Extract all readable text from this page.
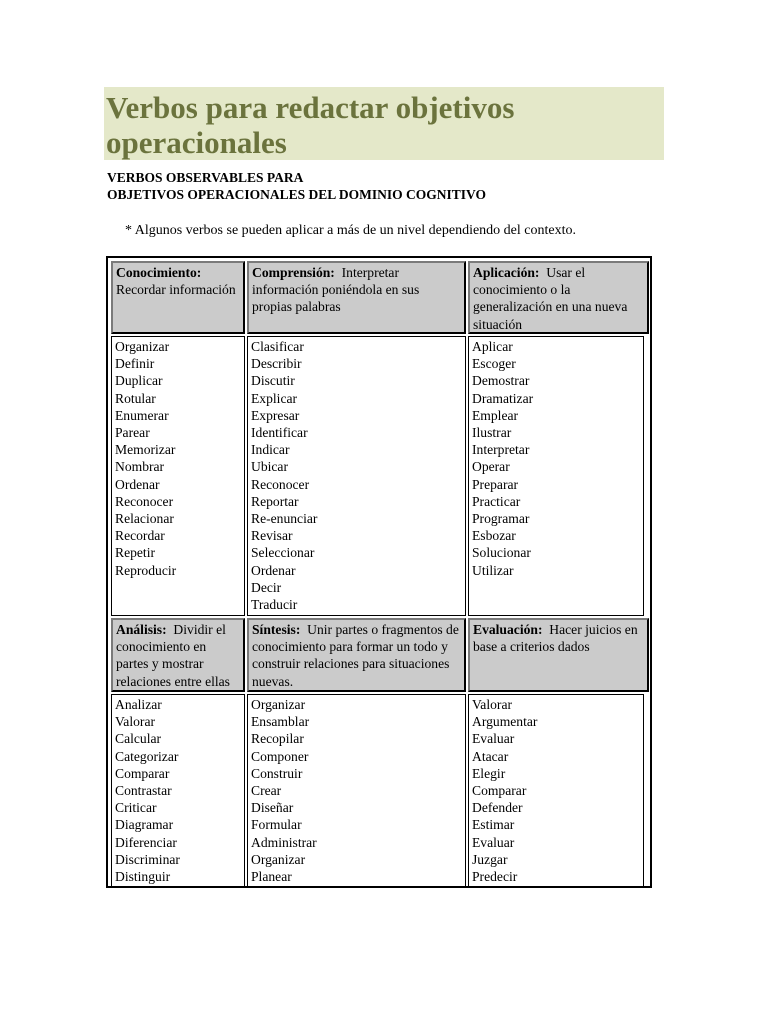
Verbos para redactar objetivos operacionales
VERBOS OBSERVABLES PARA
OBJETIVOS OPERACIONALES DEL DOMINIO COGNITIVO
* Algunos verbos se pueden aplicar a más de un nivel dependiendo del contexto.
Conocimiento: Recordar información
Comprensión: Interpretar información poniéndola en sus propias palabras
Aplicación: Usar el conocimiento o la generalización en una nueva situación
Organizar
Definir
Duplicar
Rotular
Enumerar
Parear
Memorizar
Nombrar
Ordenar
Reconocer
Relacionar
Recordar
Repetir
Reproducir
Clasificar
Describir
Discutir
Explicar
Expresar
Identificar
Indicar
Ubicar
Reconocer
Reportar
Re-enunciar
Revisar
Seleccionar
Ordenar
Decir
Traducir
Aplicar
Escoger
Demostrar
Dramatizar
Emplear
Ilustrar
Interpretar
Operar
Preparar
Practicar
Programar
Esbozar
Solucionar
Utilizar
Análisis: Dividir el conocimiento en partes y mostrar relaciones entre ellas
Síntesis: Unir partes o fragmentos de conocimiento para formar un todo y construir relaciones para situaciones nuevas.
Evaluación: Hacer juicios en base a criterios dados
Analizar
Valorar
Calcular
Categorizar
Comparar
Contrastar
Criticar
Diagramar
Diferenciar
Discriminar
Distinguir
Organizar
Ensamblar
Recopilar
Componer
Construir
Crear
Diseñar
Formular
Administrar
Organizar
Planear
Valorar
Argumentar
Evaluar
Atacar
Elegir
Comparar
Defender
Estimar
Evaluar
Juzgar
Predecir
